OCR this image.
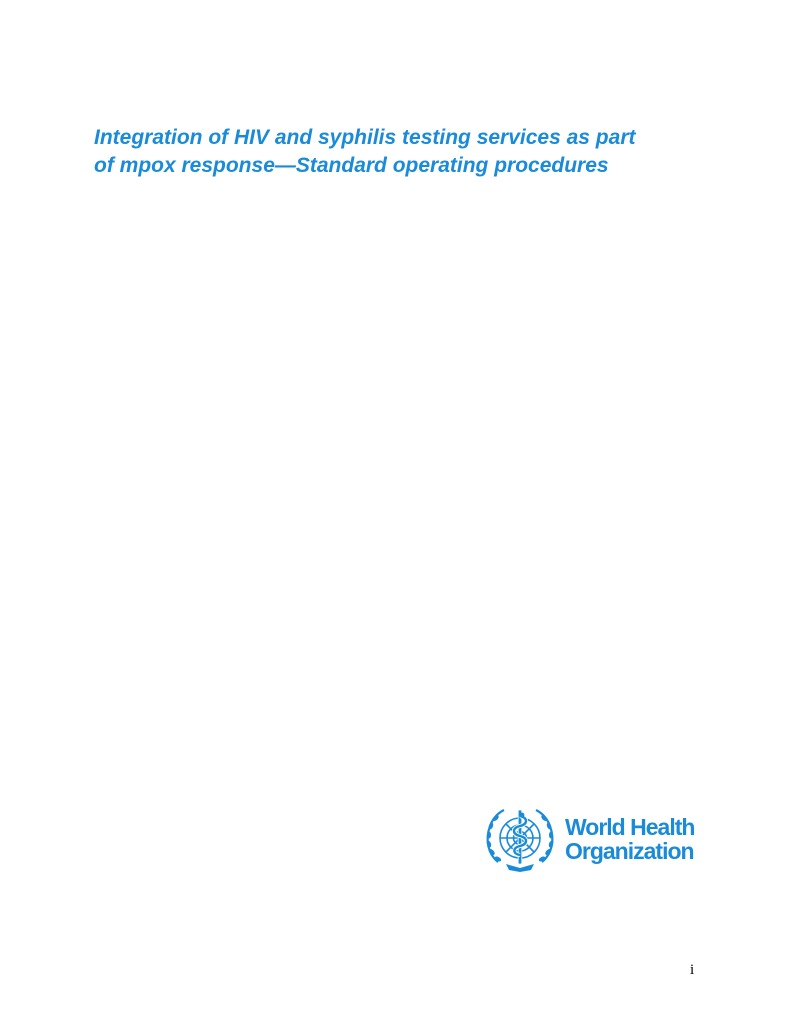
Integration of HIV and syphilis testing services as part
of mpox response—Standard operating procedures
World Health
Organization
i
